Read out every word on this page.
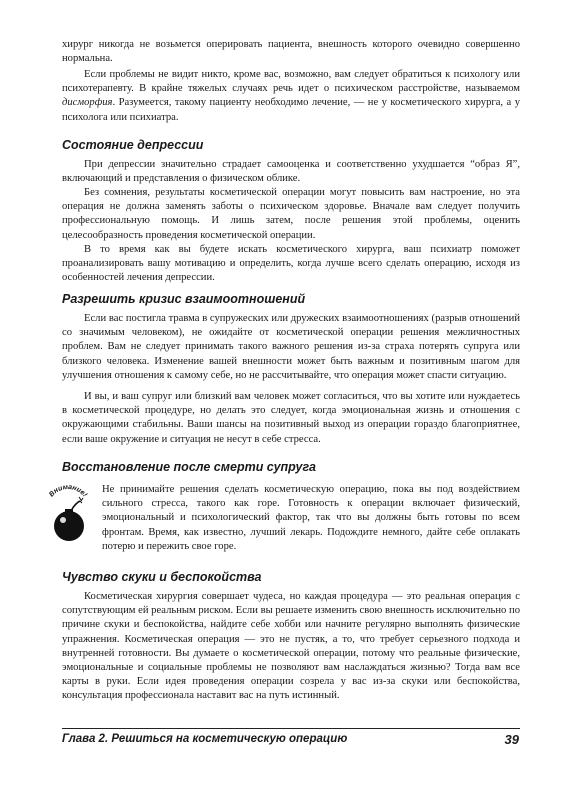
хирург никогда не возьмется оперировать пациента, внешность которого очевидно совершенно нормальна.

Если проблемы не видит никто, кроме вас, возможно, вам следует обратиться к психологу или психотерапевту. В крайне тяжелых случаях речь идет о психическом расстройстве, называемом дисморфия. Разумеется, такому пациенту необходимо лечение, — не у косметического хирурга, а у психолога или психиатра.

Состояние депрессии

При депрессии значительно страдает самооценка и соответственно ухудшается “образ Я”, включающий и представления о физическом облике.

Без сомнения, результаты косметической операции могут повысить вам настроение, но эта операция не должна заменять заботы о психическом здоровье. Вначале вам следует получить профессиональную помощь. И лишь затем, после решения этой проблемы, оценить целесообразность проведения косметической операции.

В то время как вы будете искать косметического хирурга, ваш психиатр поможет проанализировать вашу мотивацию и определить, когда лучше всего сделать операцию, исходя из особенностей лечения депрессии.

Разрешить кризис взаимоотношений

Если вас постигла травма в супружеских или дружеских взаимоотношениях (разрыв отношений со значимым человеком), не ожидайте от косметической операции решения межличностных проблем. Вам не следует принимать такого важного решения из-за страха потерять супруга или близкого человека. Изменение вашей внешности может быть важным и позитивным шагом для улучшения отношения к самому себе, но не рассчитывайте, что операция может спасти ситуацию.

И вы, и ваш супруг или близкий вам человек может согласиться, что вы хотите или нуждаетесь в косметической процедуре, но делать это следует, когда эмоциональная жизнь и отношения с окружающими стабильны. Ваши шансы на позитивный выход из операции гораздо благоприятнее, если ваше окружение и ситуация не несут в себе стресса.

Восстановление после смерти супруга
Внимание!

Не принимайте решения сделать косметическую операцию, пока вы под воздействием сильного стресса, такого как горе. Готовность к операции включает физический, эмоциональный и психологический фактор, так что вы должны быть готовы по всем фронтам. Время, как известно, лучший лекарь. Подождите немного, дайте себе оплакать потерю и пережить свое горе.

Чувство скуки и беспокойства

Косметическая хирургия совершает чудеса, но каждая процедура — это реальная операция с сопутствующим ей реальным риском. Если вы решаете изменить свою внешность исключительно по причине скуки и беспокойства, найдите себе хобби или начните регулярно выполнять физические упражнения. Косметическая операция — это не пустяк, а то, что требует серьезного подхода и внутренней готовности. Вы думаете о косметической операции, потому что реальные физические, эмоциональные и социальные проблемы не позволяют вам наслаждаться жизнью? Тогда вам все карты в руки. Если идея проведения операции созрела у вас из-за скуки или беспокойства, консультация профессионала наставит вас на путь истинный.

Глава 2. Решиться на косметическую операцию	39
